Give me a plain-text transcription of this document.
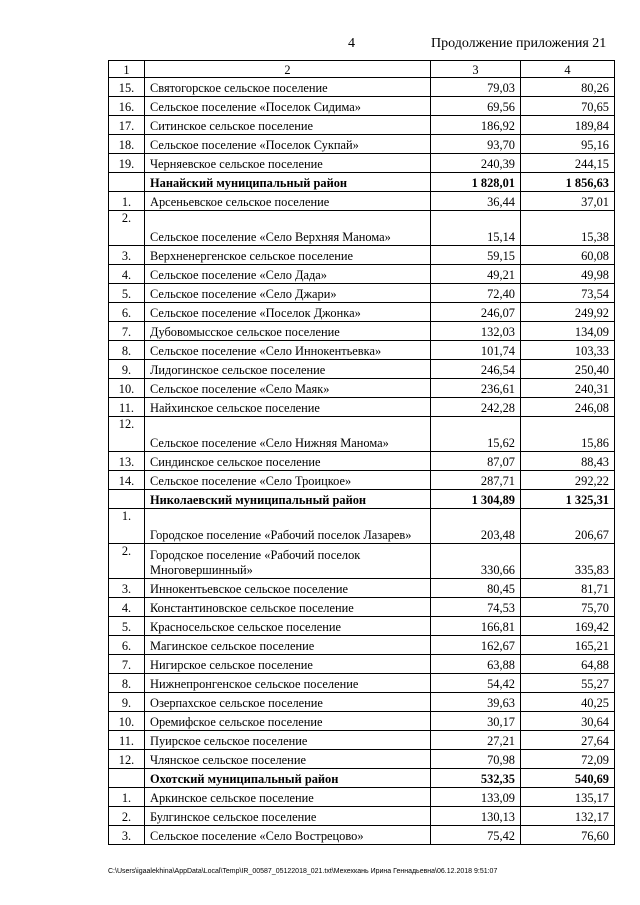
4	Продолжение приложения 21
1	2	3	4
15.	Святогорское сельское поселение	79,03	80,26
16.	Сельское поселение «Поселок Сидима»	69,56	70,65
17.	Ситинское сельское поселение	186,92	189,84
18.	Сельское поселение «Поселок Сукпай»	93,70	95,16
19.	Черняевское сельское поселение	240,39	244,15
	Нанайский муниципальный район	1 828,01	1 856,63
1.	Арсеньевское сельское поселение	36,44	37,01
2.	Сельское поселение «Село Верхняя Манома»	15,14	15,38
3.	Верхненергенское сельское поселение	59,15	60,08
4.	Сельское поселение «Село Дада»	49,21	49,98
5.	Сельское поселение «Село Джари»	72,40	73,54
6.	Сельское поселение «Поселок Джонка»	246,07	249,92
7.	Дубовомысское сельское поселение	132,03	134,09
8.	Сельское поселение «Село Иннокентьевка»	101,74	103,33
9.	Лидогинское сельское поселение	246,54	250,40
10.	Сельское поселение «Село Маяк»	236,61	240,31
11.	Найхинское сельское поселение	242,28	246,08
12.	Сельское поселение «Село Нижняя Манома»	15,62	15,86
13.	Синдинское сельское поселение	87,07	88,43
14.	Сельское поселение «Село Троицкое»	287,71	292,22
	Николаевский муниципальный район	1 304,89	1 325,31
1.	Городское поселение «Рабочий поселок Лазарев»	203,48	206,67
2.	Городское поселение «Рабочий поселок Многовершинный»	330,66	335,83
3.	Иннокентьевское сельское поселение	80,45	81,71
4.	Константиновское сельское поселение	74,53	75,70
5.	Красносельское сельское поселение	166,81	169,42
6.	Магинское сельское поселение	162,67	165,21
7.	Нигирское сельское поселение	63,88	64,88
8.	Нижнепронгенское сельское поселение	54,42	55,27
9.	Озерпахское сельское поселение	39,63	40,25
10.	Оремифское сельское поселение	30,17	30,64
11.	Пуирское сельское поселение	27,21	27,64
12.	Члянское сельское поселение	70,98	72,09
	Охотский муниципальный район	532,35	540,69
1.	Аркинское сельское поселение	133,09	135,17
2.	Булгинское сельское поселение	130,13	132,17
3.	Сельское поселение «Село Вострецово»	75,42	76,60
C:\Users\igaalekhina\AppData\Local\Temp\IR_00587_05122018_021.txt\Мехехкань Ирина Геннадьевна\06.12.2018 9:51:07
